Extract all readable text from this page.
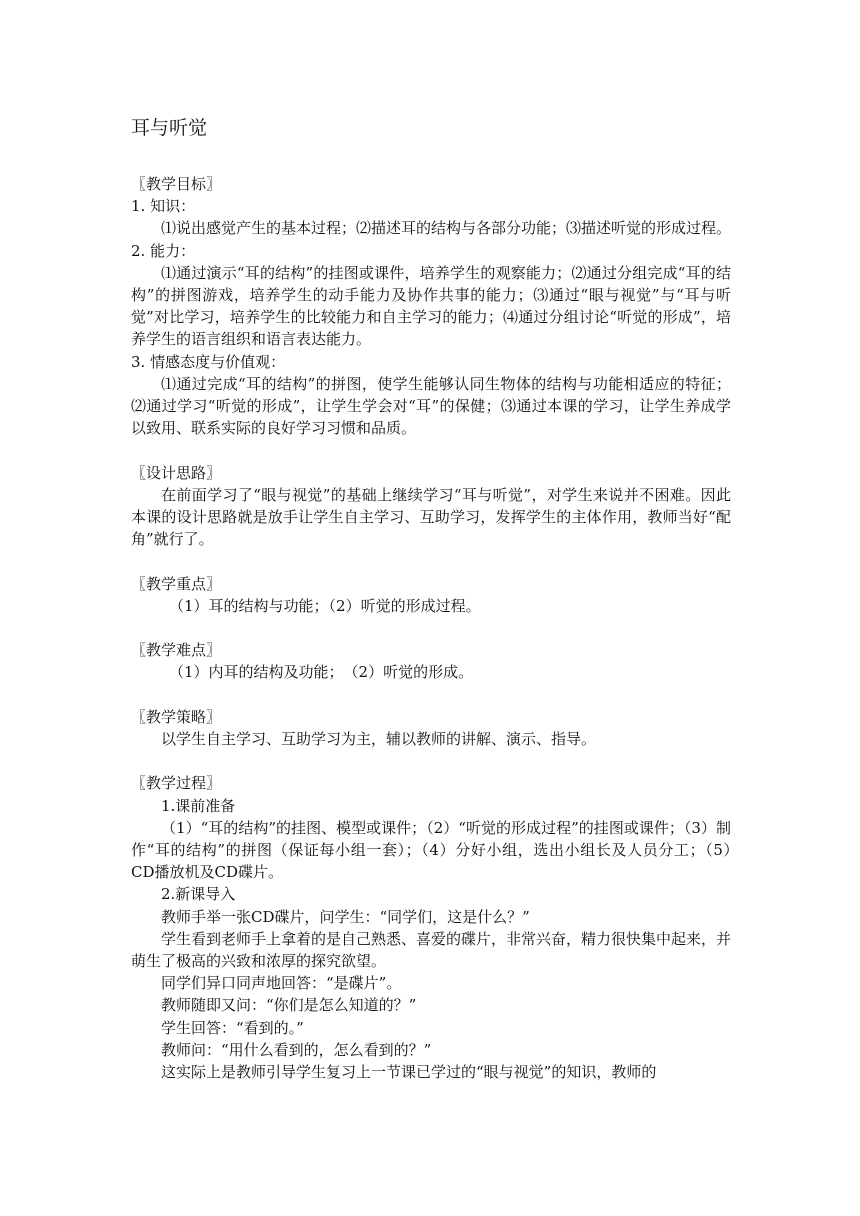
耳与听觉

〖教学目标〗

1. 知识：

⑴说出感觉产生的基本过程；⑵描述耳的结构与各部分功能；⑶描述听觉的形成过程。

2. 能力：

⑴通过演示“耳的结构”的挂图或课件，培养学生的观察能力；⑵通过分组完成“耳的结构”的拼图游戏，培养学生的动手能力及协作共事的能力；⑶通过“眼与视觉”与“耳与听觉”对比学习，培养学生的比较能力和自主学习的能力；⑷通过分组讨论“听觉的形成”，培养学生的语言组织和语言表达能力。

3. 情感态度与价值观：

⑴通过完成“耳的结构”的拼图，使学生能够认同生物体的结构与功能相适应的特征；⑵通过学习“听觉的形成”，让学生学会对“耳”的保健；⑶通过本课的学习，让学生养成学以致用、联系实际的良好学习习惯和品质。

〖设计思路〗

在前面学习了“眼与视觉”的基础上继续学习“耳与听觉”，对学生来说并不困难。因此本课的设计思路就是放手让学生自主学习、互助学习，发挥学生的主体作用，教师当好“配角”就行了。

〖教学重点〗

（1）耳的结构与功能；（2）听觉的形成过程。

〖教学难点〗

（1）内耳的结构及功能；　（2）听觉的形成。

〖教学策略〗

以学生自主学习、互助学习为主，辅以教师的讲解、演示、指导。

〖教学过程〗

1.课前准备

（1）“耳的结构”的挂图、模型或课件；（2）“听觉的形成过程”的挂图或课件；（3）制作“耳的结构”的拼图（保证每小组一套）；（4）分好小组，选出小组长及人员分工；（5）　CD播放机及CD碟片。

2.新课导入

教师手举一张CD碟片，问学生：“同学们，这是什么？”

学生看到老师手上拿着的是自己熟悉、喜爱的碟片，非常兴奋，精力很快集中起来，并萌生了极高的兴致和浓厚的探究欲望。

同学们异口同声地回答：“是碟片”。

教师随即又问：“你们是怎么知道的？”

学生回答：“看到的。”

教师问：“用什么看到的，怎么看到的？”

这实际上是教师引导学生复习上一节课已学过的“眼与视觉”的知识，教师的
